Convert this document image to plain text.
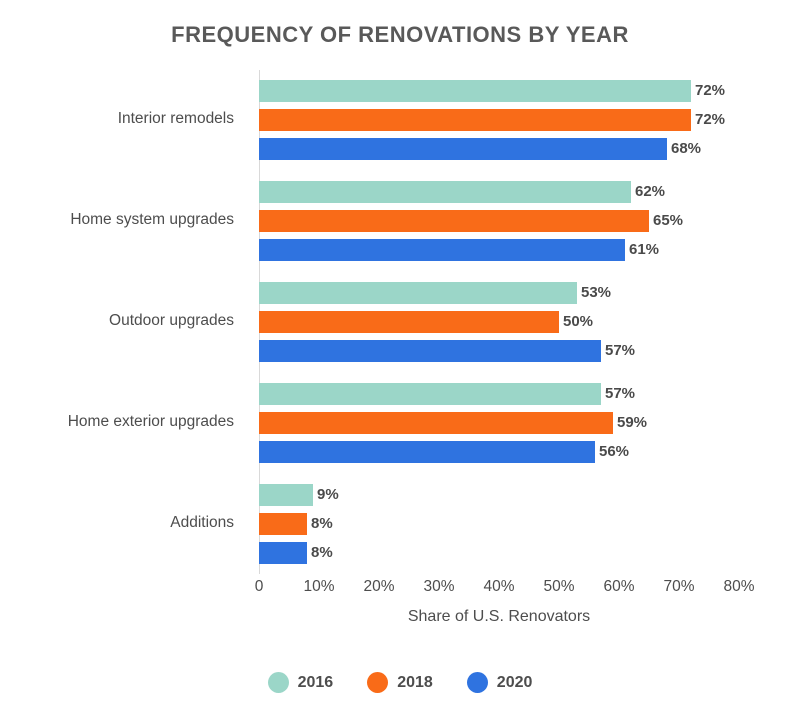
FREQUENCY OF RENOVATIONS BY YEAR
72%
72%
68%
Interior remodels
62%
65%
61%
Home system upgrades
53%
50%
57%
Outdoor upgrades
57%
59%
56%
Home exterior upgrades
9%
8%
8%
Additions
0	10% 20% 30% 40% 50% 60% 70% 80%
Share of U.S. Renovators
2016	2018	2020
